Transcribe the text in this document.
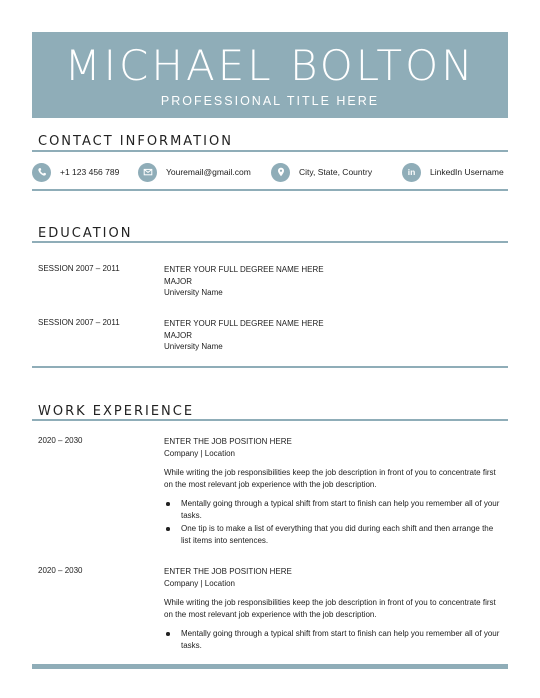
MICHAEL BOLTON
PROFESSIONAL TITLE HERE
CONTACT INFORMATION
+1 123 456 789	Youremail@gmail.com	City, State, Country	in	LinkedIn Username
EDUCATION
SESSION 2007 – 2011	ENTER YOUR FULL DEGREE NAME HERE
MAJOR
University Name
SESSION 2007 – 2011	ENTER YOUR FULL DEGREE NAME HERE
MAJOR
University Name
WORK EXPERIENCE
2020 – 2030	ENTER THE JOB POSITION HERE
Company | Location

While writing the job responsibilities keep the job description in front of you to concentrate first on the most relevant job experience with the job description.

Mentally going through a typical shift from start to finish can help you remember all of your tasks.
One tip is to make a list of everything that you did during each shift and then arrange the list items into sentences.
2020 – 2030	ENTER THE JOB POSITION HERE
Company | Location

While writing the job responsibilities keep the job description in front of you to concentrate first on the most relevant job experience with the job description.

Mentally going through a typical shift from start to finish can help you remember all of your tasks.
